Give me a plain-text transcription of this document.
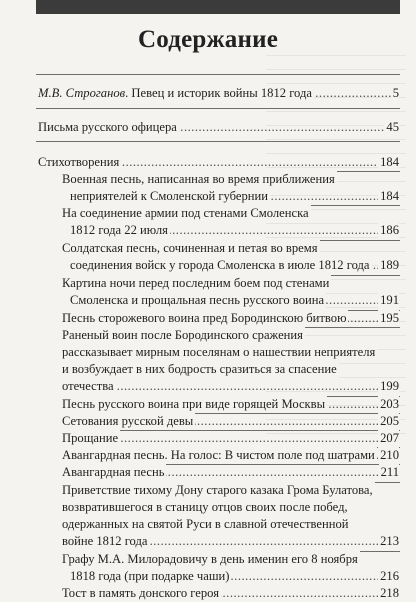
Содержание
.....
М.В. Строганов. Певец и историк войны 1812 года	5
.....
Письма русского офицера	45
.....
Стихотворения	184
Военная песнь, написанная во время приближения
.....
неприятелей к Смоленской губернии	184
На соединение армии под стенами Смоленска
.....
1812 года 22 июля	186
Солдатская песнь, сочиненная и петая во время
.....
соединения войск у города Смоленска в июле 1812 года 189
Картина ночи перед последним боем под стенами
.....
Смоленска и прощальная песнь русского воина	191
.....
Песнь сторожевого воина пред Бородинскою битвою	195
Раненый воин после Бородинского сражения
рассказывает мирным поселянам о нашествии неприятеля
и возбуждает в них бодрость сразиться за спасение
.....
отечества	199
.....
Песнь русского воина при виде горящей Москвы	203
.....
Сетования русской девы	205
.....
Прощание	207
.....
Авангардная песнь. На голос: В чистом поле под шатрами 210
.....
Авангардная песнь	211
Приветствие тихому Дону старого казака Грома Булатова,
возвратившегося в станицу отцов своих после побед,
одержанных на святой Руси в славной отечественной
.....
войне 1812 года	213
Графу М.А. Милорадовичу в день именин его 8 ноября
.....
1818 года (при подарке чаши)	216
.....
Тост в память донского героя	218
